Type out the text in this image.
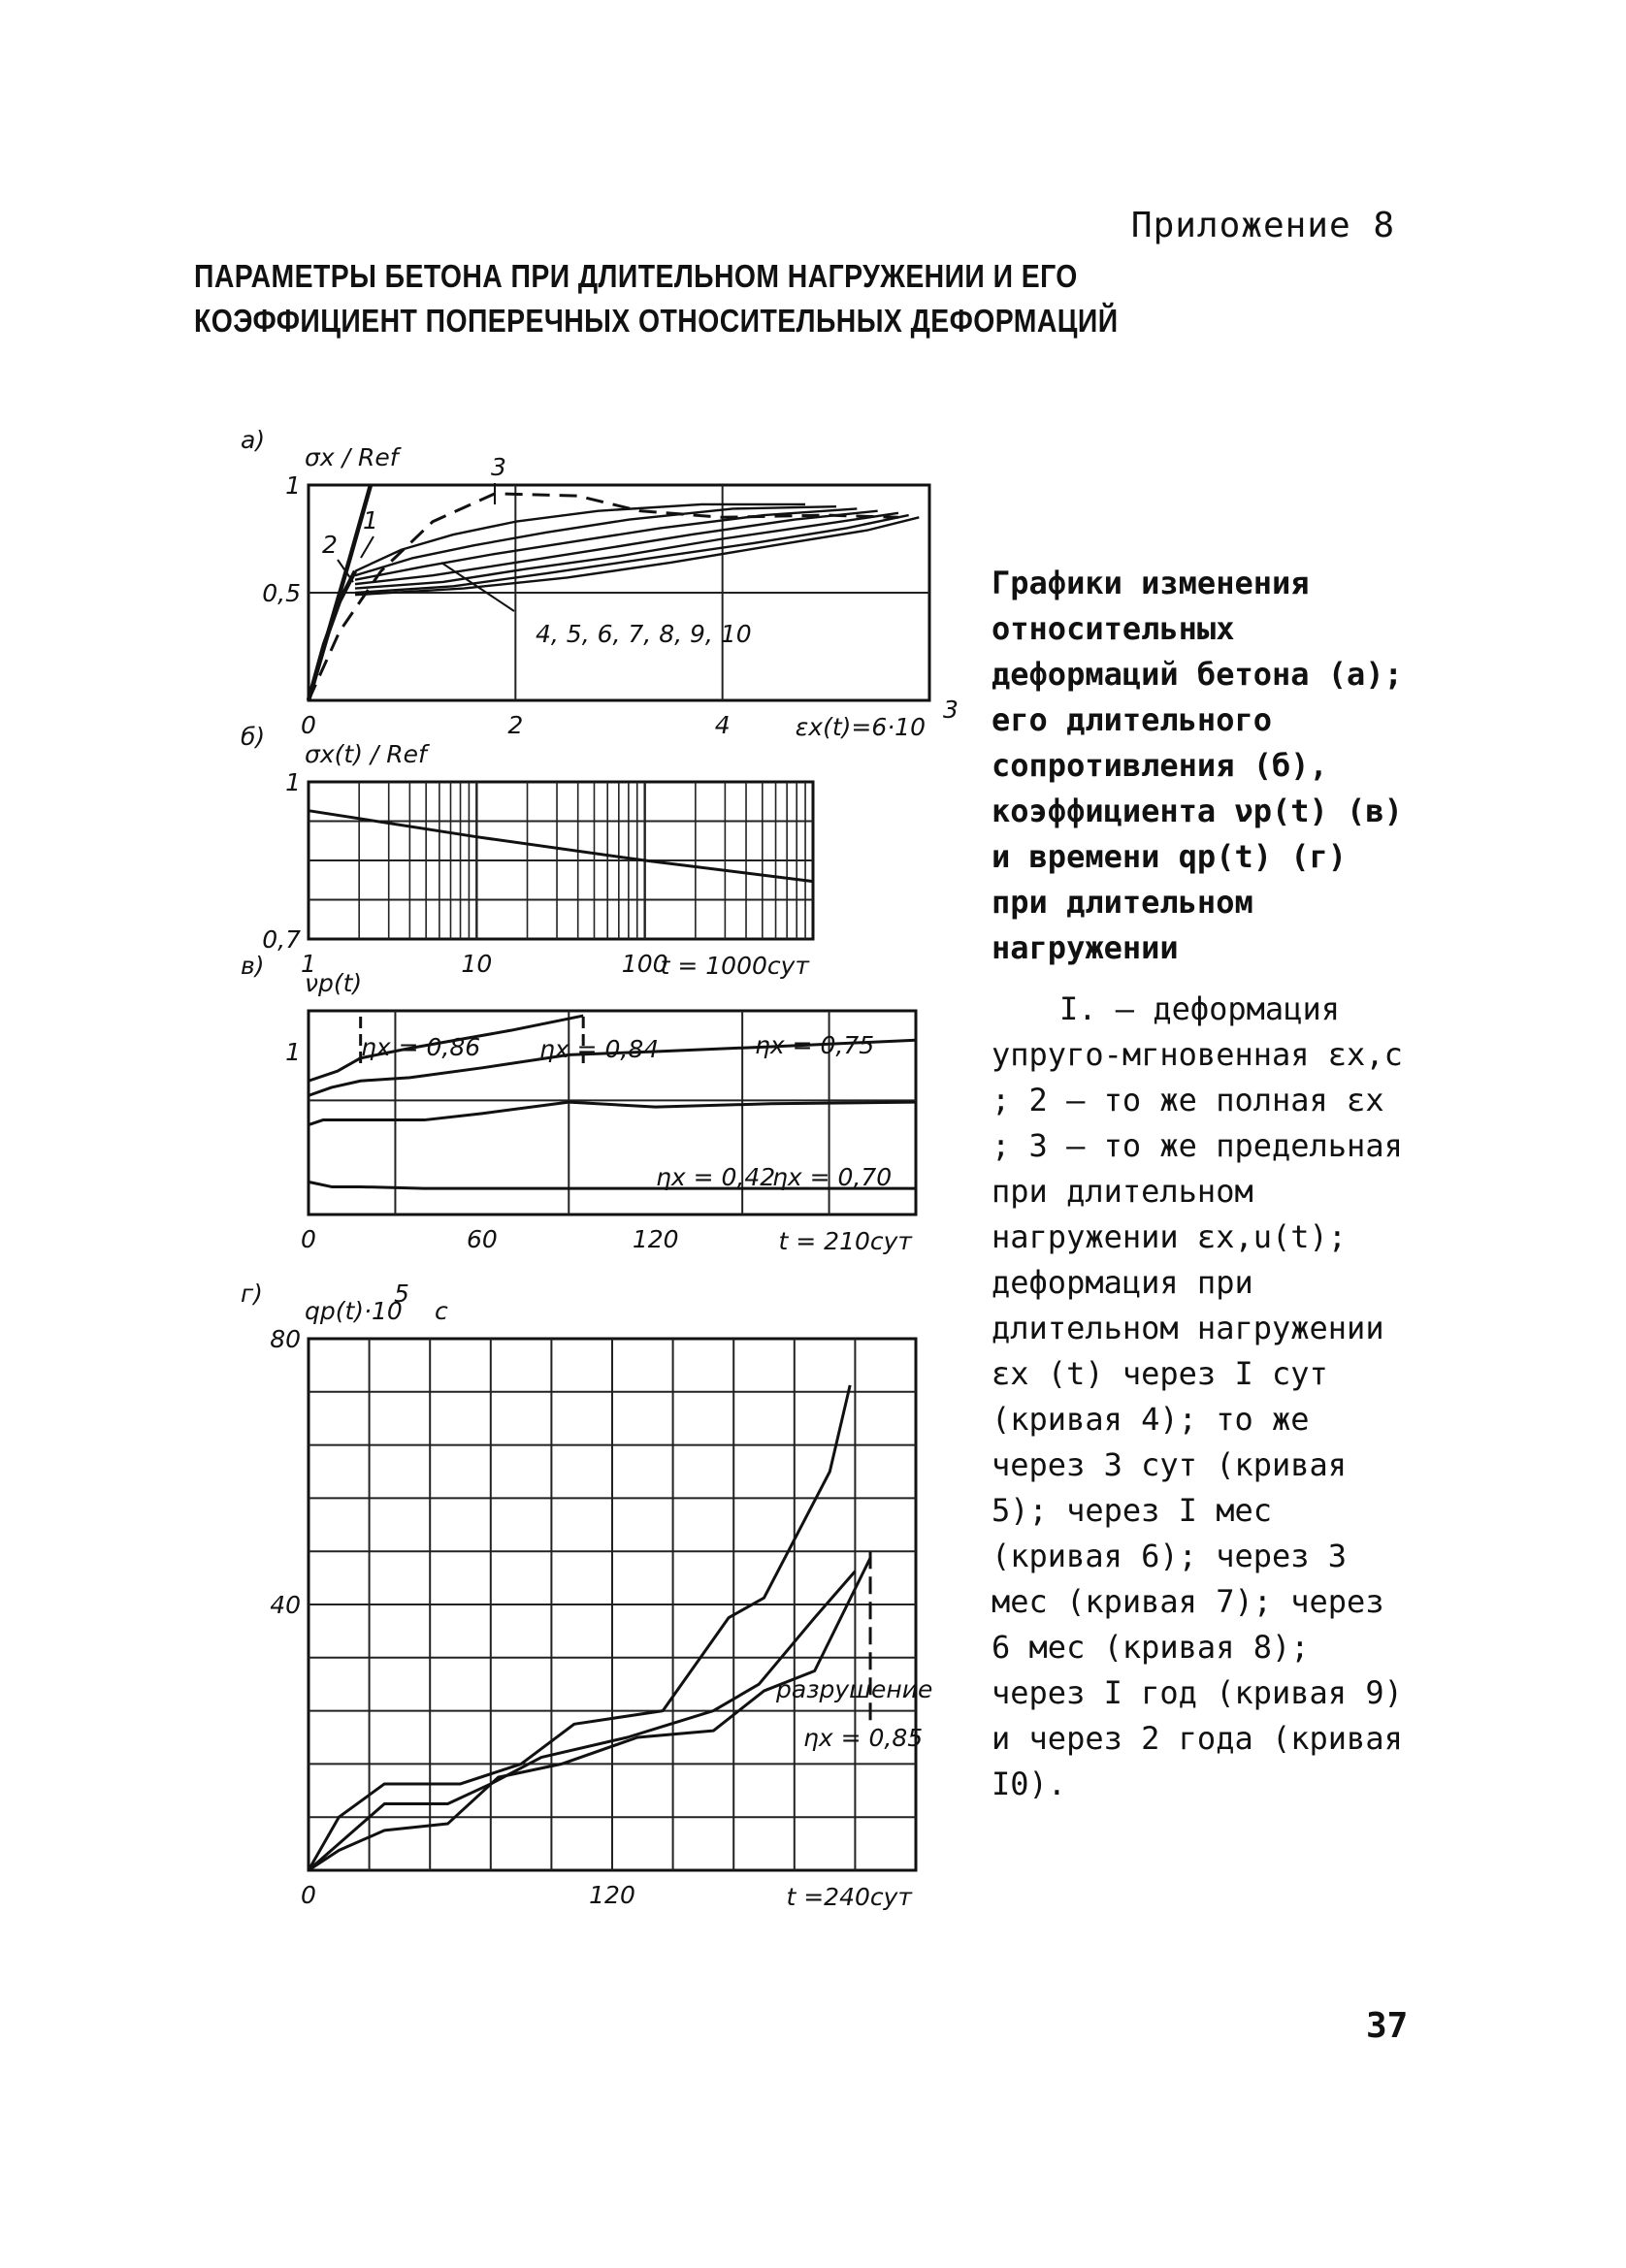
Приложение 8
ПАРАМЕТРЫ БЕТОНА ПРИ ДЛИТЕЛЬНОМ НАГРУЖЕНИИ И ЕГО
КОЭФФИЦИЕНТ ПОПЕРЕЧНЫХ ОТНОСИТЕЛЬНЫХ ДЕФОРМАЦИЙ
0	2	4
0,5
1
а)
σx / Ref
εx(t)=6·10
3
1
2
3
4, 5, 6, 7, 8, 9, 10
1	10	100
0,7
1
б)
σx(t) / Ref
t = 1000сут
0	60	120
1
в)
νp(t)
t = 210сут
ηx = 0,86 ηx = 0,84	ηx = 0,75
ηx = 0,42
ηx = 0,70
0	120
40
80
г)
qp(t)·10
5
с
t =240сут
разрушение
ηx = 0,85

Графики изменения относительных деформаций бетона (а); его длительного сопротивления (б), коэффициента νp(t) (в) и времени qp(t) (г) при длительном нагружении

I. – деформация упруго-мгновенная εx,c ; 2 – то же полная εx ; 3 – то же предельная при длительном нагружении εx,u(t); деформация при длительном нагружении εx (t) через I сут (кривая 4); то же через 3 сут (кривая 5); через I мес (кривая 6); через 3 мес (кривая 7); через 6 мес (кривая 8); через I год (кривая 9) и через 2 года (кривая I0).

37
